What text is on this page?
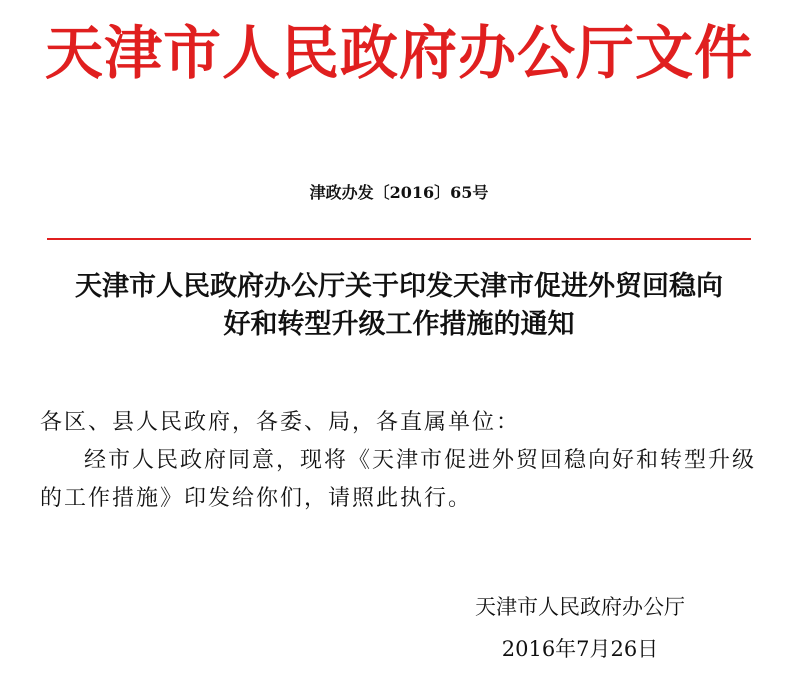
天津市人民政府办公厅文件
津政办发〔2016〕65号
天津市人民政府办公厅关于印发天津市促进外贸回稳向
好和转型升级工作措施的通知

各区、县人民政府，各委、局，各直属单位：

经市人民政府同意，现将《天津市促进外贸回稳向好和转型升级的工作措施》印发给你们，请照此执行。

天津市人民政府办公厅
2016年7月26日
